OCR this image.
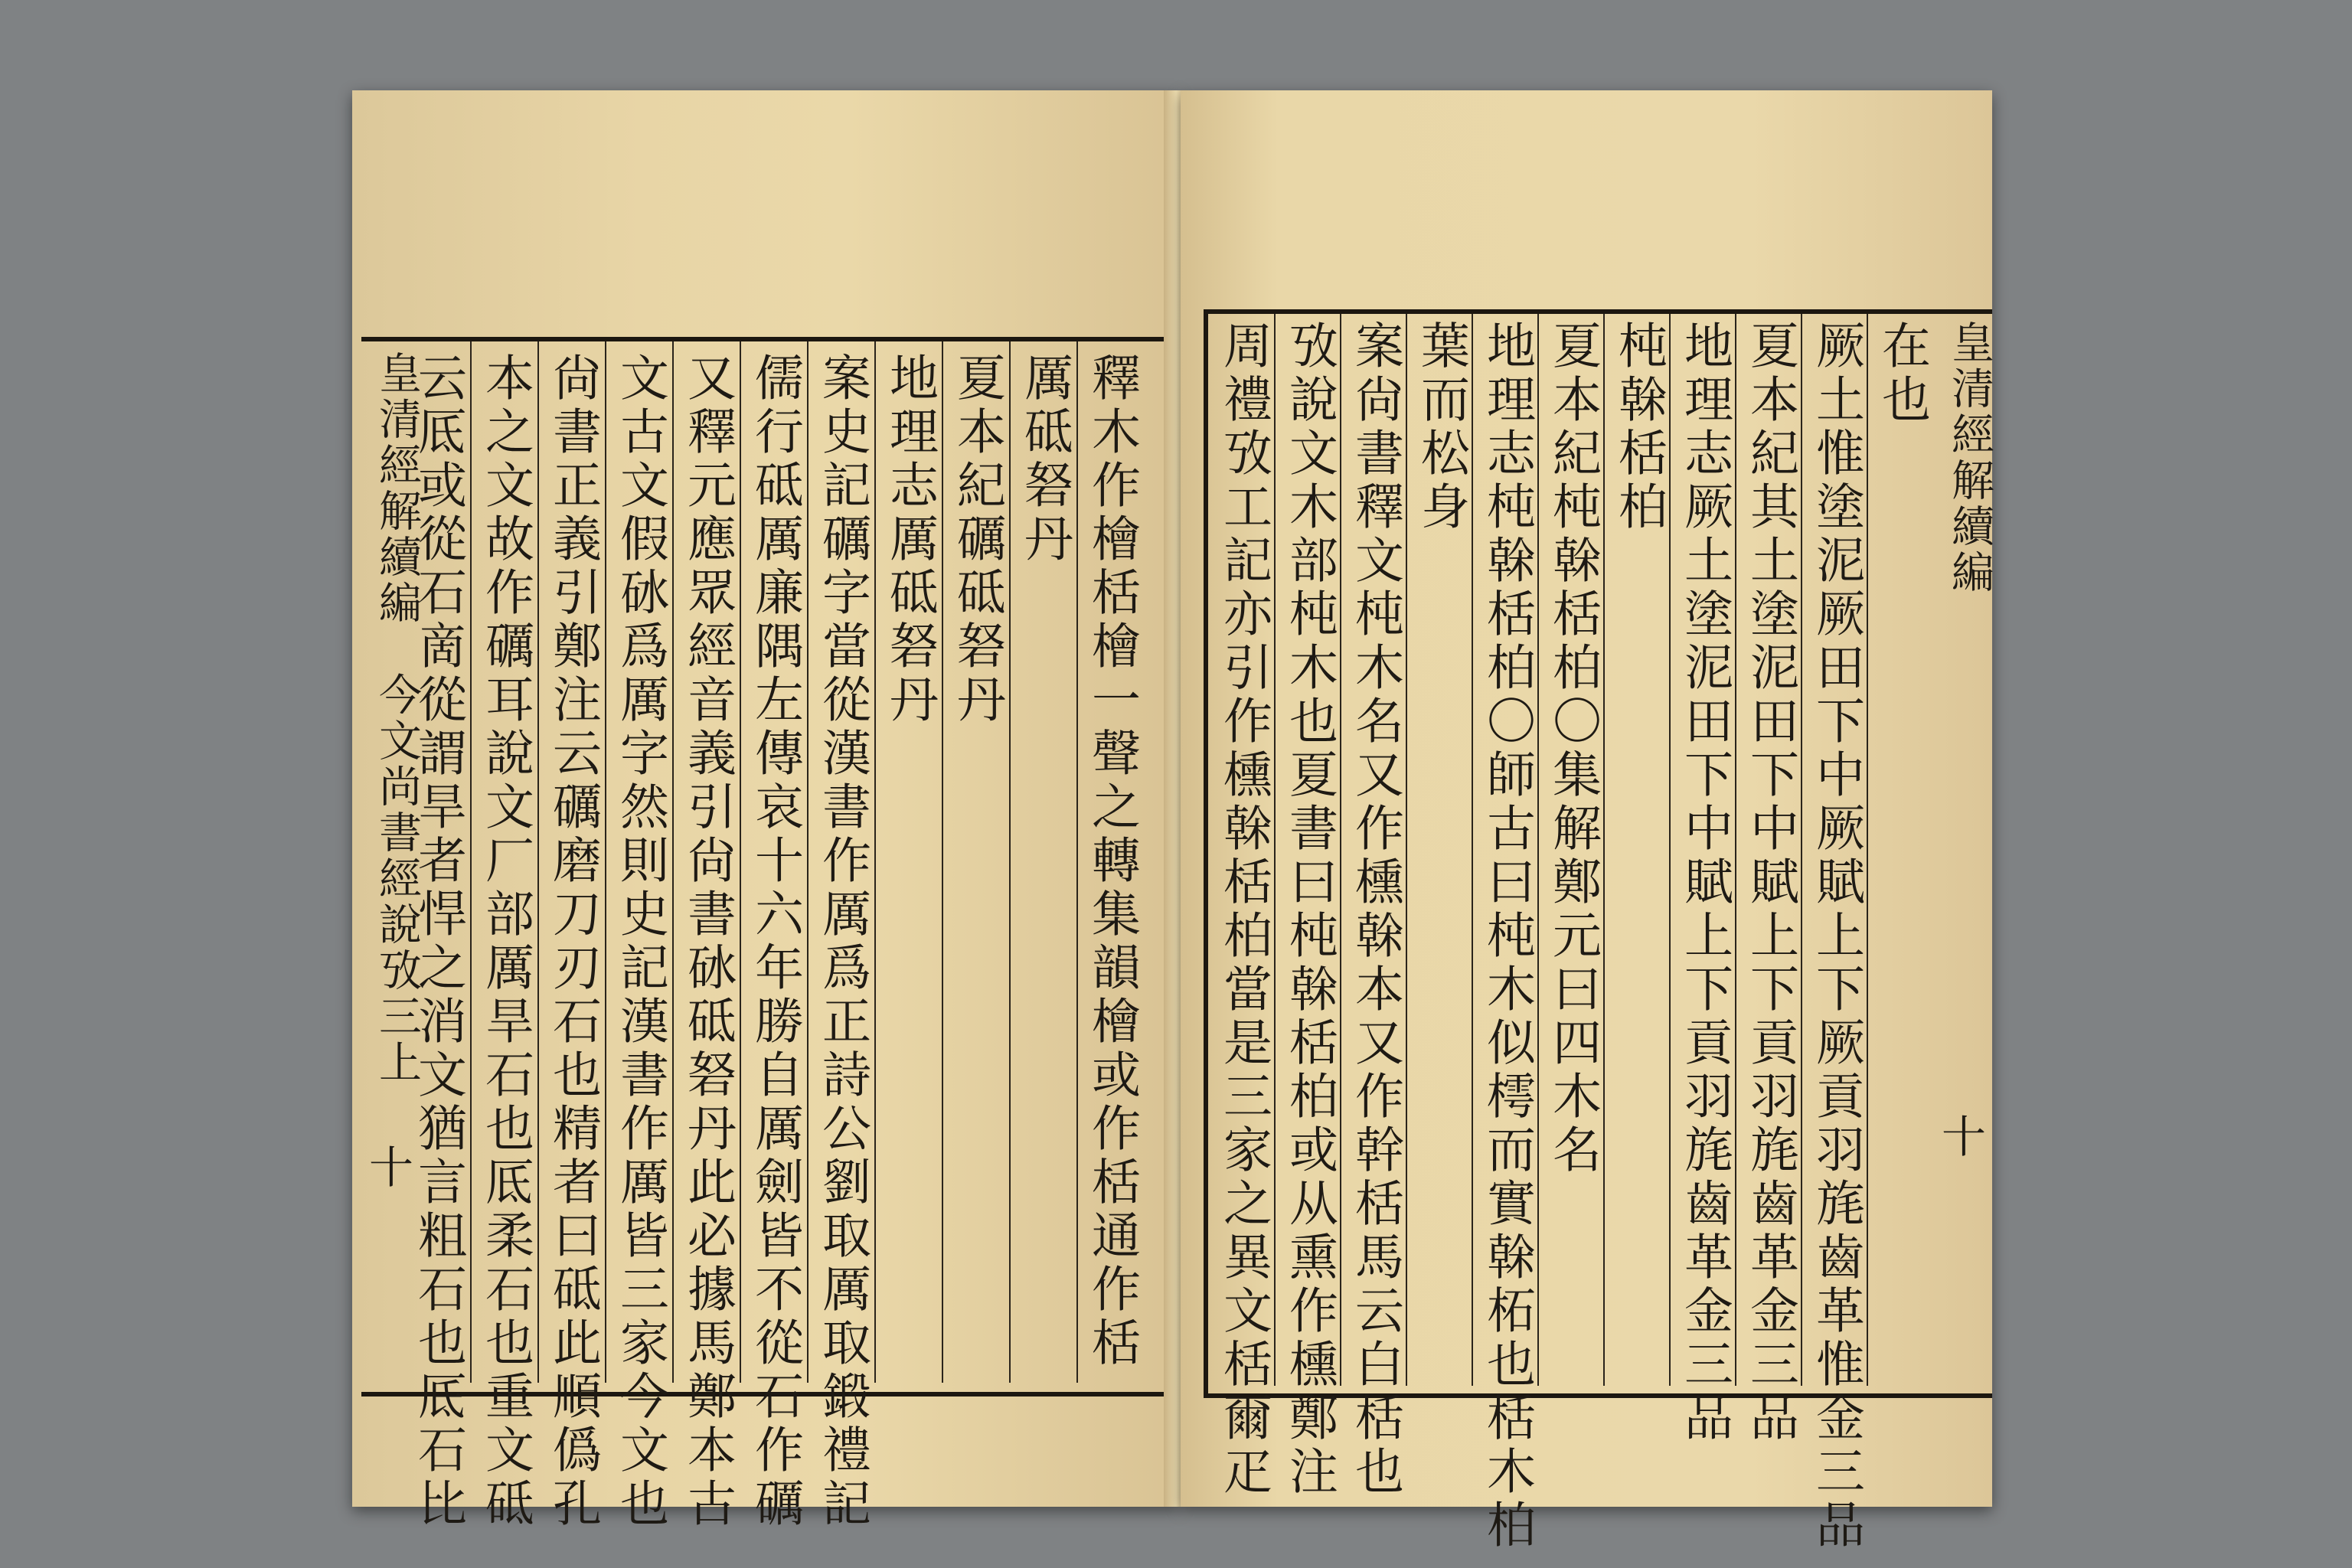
釋木作檜栝檜一聲之轉集韻檜或作栝通作栝
厲砥砮丹
夏本紀礪砥砮丹
地理志厲砥砮丹
案史記礪字當從漢書作厲爲正詩公劉取厲取鍛禮記
儒行砥厲廉隅左傳哀十六年勝自厲劍皆不從石作礪
又釋元應眾經音義引尙書砅砥砮丹此必據馬鄭本古
文古文假砅爲厲字然則史記漢書作厲皆三家今文也
尙書正義引鄭注云礪磨刀刃石也精者曰砥此順僞孔
本之文故作礪耳說文厂部厲旱石也厎柔石也重文砥
云厎或從石啇從謂旱者悍之消文猶言粗石也厎石比
皇清經解續編
今文尚書經說攷三上
十
在也
厥土惟塗泥厥田下中厥賦上下厥貢羽旄齒革惟金三品
夏本紀其土塗泥田下中賦上下貢羽旄齒革金三品
地理志厥土塗泥田下中賦上下貢羽旄齒革金三品
杶榦栝柏
夏本紀杶榦栝柏〇集解鄭元曰四木名
地理志杶榦栝柏〇師古曰杶木似樗而實榦柘也栝木柏
葉而松身
案尙書釋文杶木名又作櫄榦本又作幹栝馬云白栝也
攷說文木部杶木也夏書曰杶榦栝柏或从熏作櫄鄭注
周禮攷工記亦引作櫄榦栝柏當是三家之異文栝爾疋	皇清經解續編
十
